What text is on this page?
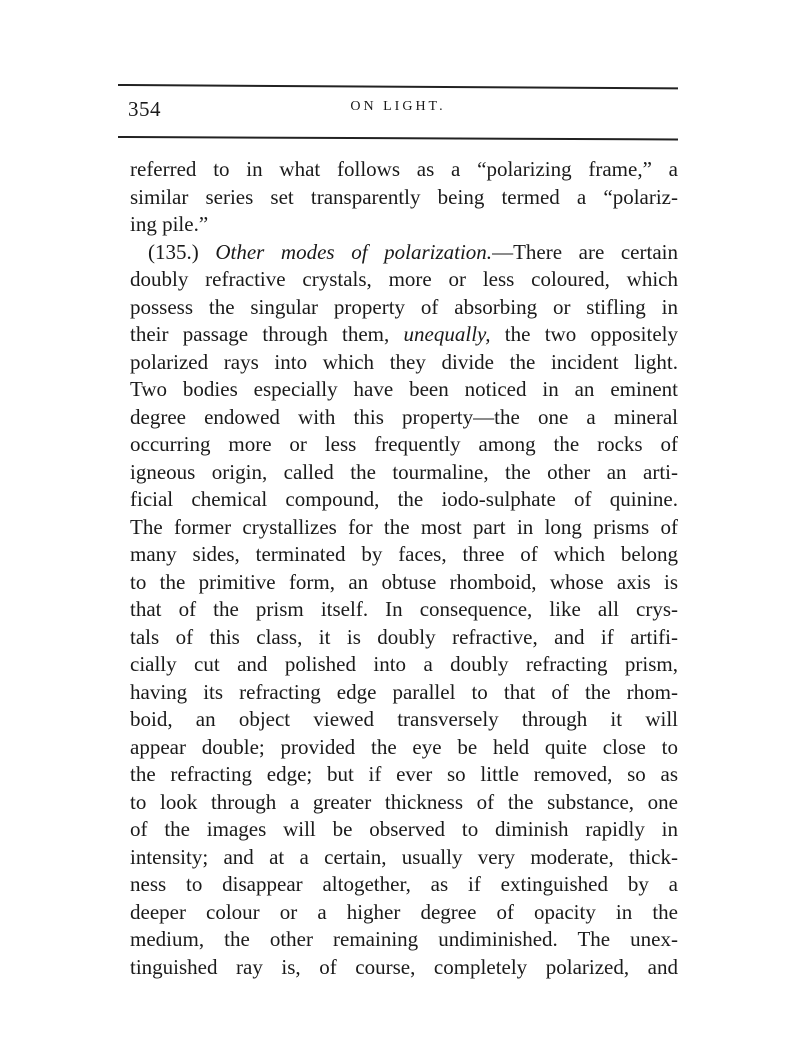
354	ON LIGHT.
referred to in what follows as a “polarizing frame,” a
similar series set transparently being termed a “polariz-
ing pile.”
(135.) Other modes of polarization.—There are certain
doubly refractive crystals, more or less coloured, which
possess the singular property of absorbing or stifling in
their passage through them, unequally, the two oppositely
polarized rays into which they divide the incident light.
Two bodies especially have been noticed in an eminent
degree endowed with this property—the one a mineral
occurring more or less frequently among the rocks of
igneous origin, called the tourmaline, the other an arti-
ficial chemical compound, the iodo-sulphate of quinine.
The former crystallizes for the most part in long prisms of
many sides, terminated by faces, three of which belong
to the primitive form, an obtuse rhomboid, whose axis is
that of the prism itself. In consequence, like all crys-
tals of this class, it is doubly refractive, and if artifi-
cially cut and polished into a doubly refracting prism,
having its refracting edge parallel to that of the rhom-
boid, an object viewed transversely through it will
appear double; provided the eye be held quite close to
the refracting edge; but if ever so little removed, so as
to look through a greater thickness of the substance, one
of the images will be observed to diminish rapidly in
intensity; and at a certain, usually very moderate, thick-
ness to disappear altogether, as if extinguished by a
deeper colour or a higher degree of opacity in the
medium, the other remaining undiminished. The unex-
tinguished ray is, of course, completely polarized, and
